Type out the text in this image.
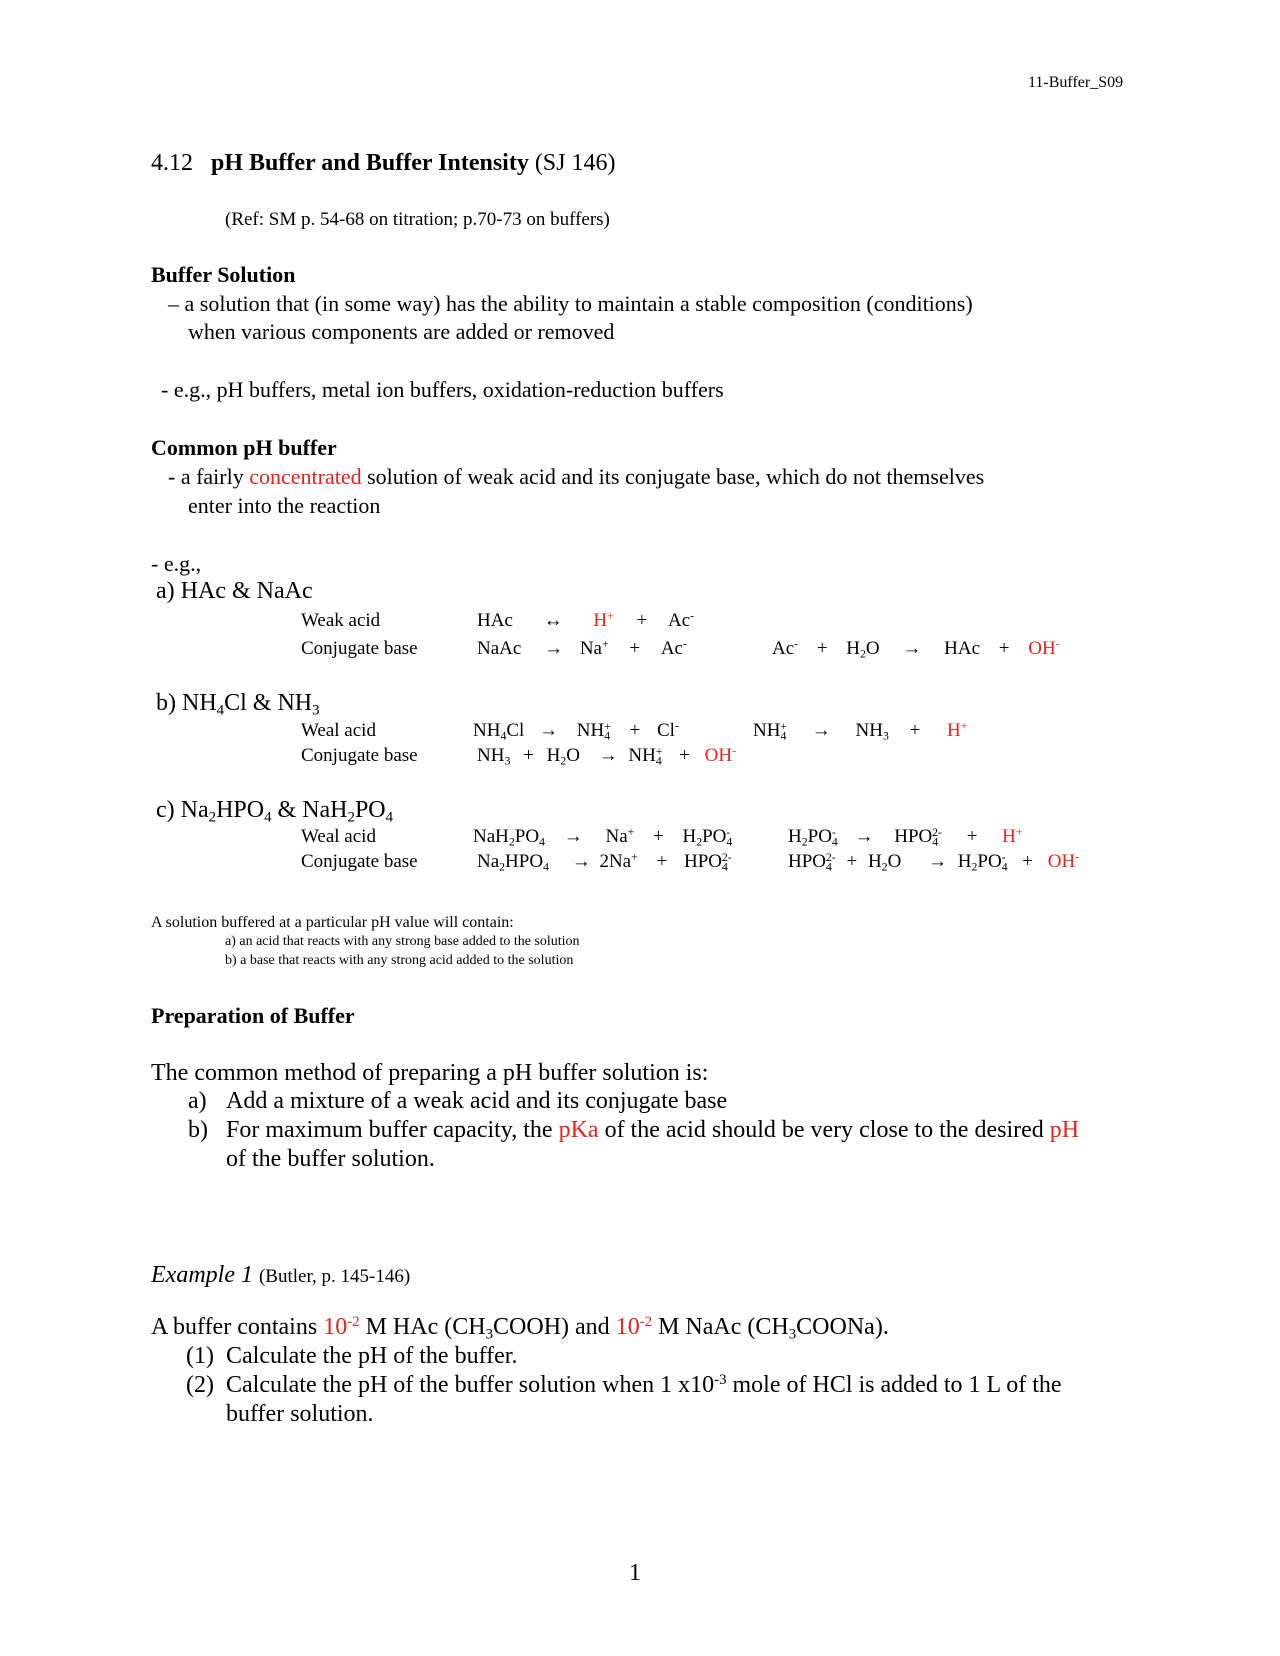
11-Buffer_S09
4.12 pH Buffer and Buffer Intensity (SJ 146)
(Ref: SM p. 54-68 on titration; p.70-73 on buffers)
Buffer Solution
– a solution that (in some way) has the ability to maintain a stable composition (conditions)
when various components are added or removed
- e.g., pH buffers, metal ion buffers, oxidation-reduction buffers
Common pH buffer
- a fairly concentrated solution of weak acid and its conjugate base, which do not themselves
enter into the reaction
- e.g.,
a) HAc & NaAc
Weak acid
Conjugate base
HAc ↔ H+ + Ac-
NaAc → Na+ + Ac-	$Ac^- + H_2O$ → HAc + OH-
b) $NH_4Cl$ & $NH_3$
Weal acid
Conjugate base
$NH_4Cl \to NH_4^+ + Cl^-$	$NH_4^+ \to NH_3 + H^+$
$NH_3 + H_2O \to NH_4^+ + OH^-$
c) $Na_2HPO_4$ & $NaH_2PO_4$
Weal acid
Conjugate base
$NaH_2PO_4 \to Na^+ + H_2PO_4^-$
$Na_2HPO_4 \to 2Na^+ + HPO_4^{2-}$
$H_2PO_4^- \to HPO_4^{2-} + H^+$
$HPO_4^{2-} + H_2O \to H_2PO_4^- + OH^-$
A solution buffered at a particular pH value will contain:
a) an acid that reacts with any strong base added to the solution
b) a base that reacts with any strong acid added to the solution
Preparation of Buffer
The common method of preparing a pH buffer solution is:
a) Add a mixture of a weak acid and its conjugate base
b) For maximum buffer capacity, the pKa of the acid should be very close to the desired pH
of the buffer solution.
Example 1 (Butler, p. 145-146)
A buffer contains $10^{-2}$ M HAc $(CH_3COOH)$ and $10^{-2}$ M NaAc $(CH_3COONa)$.
(1) Calculate the pH of the buffer.
(2) Calculate the pH of the buffer solution when 1 $x10^{-3}$ mole of HCl is added to 1 L of the
buffer solution.
1
